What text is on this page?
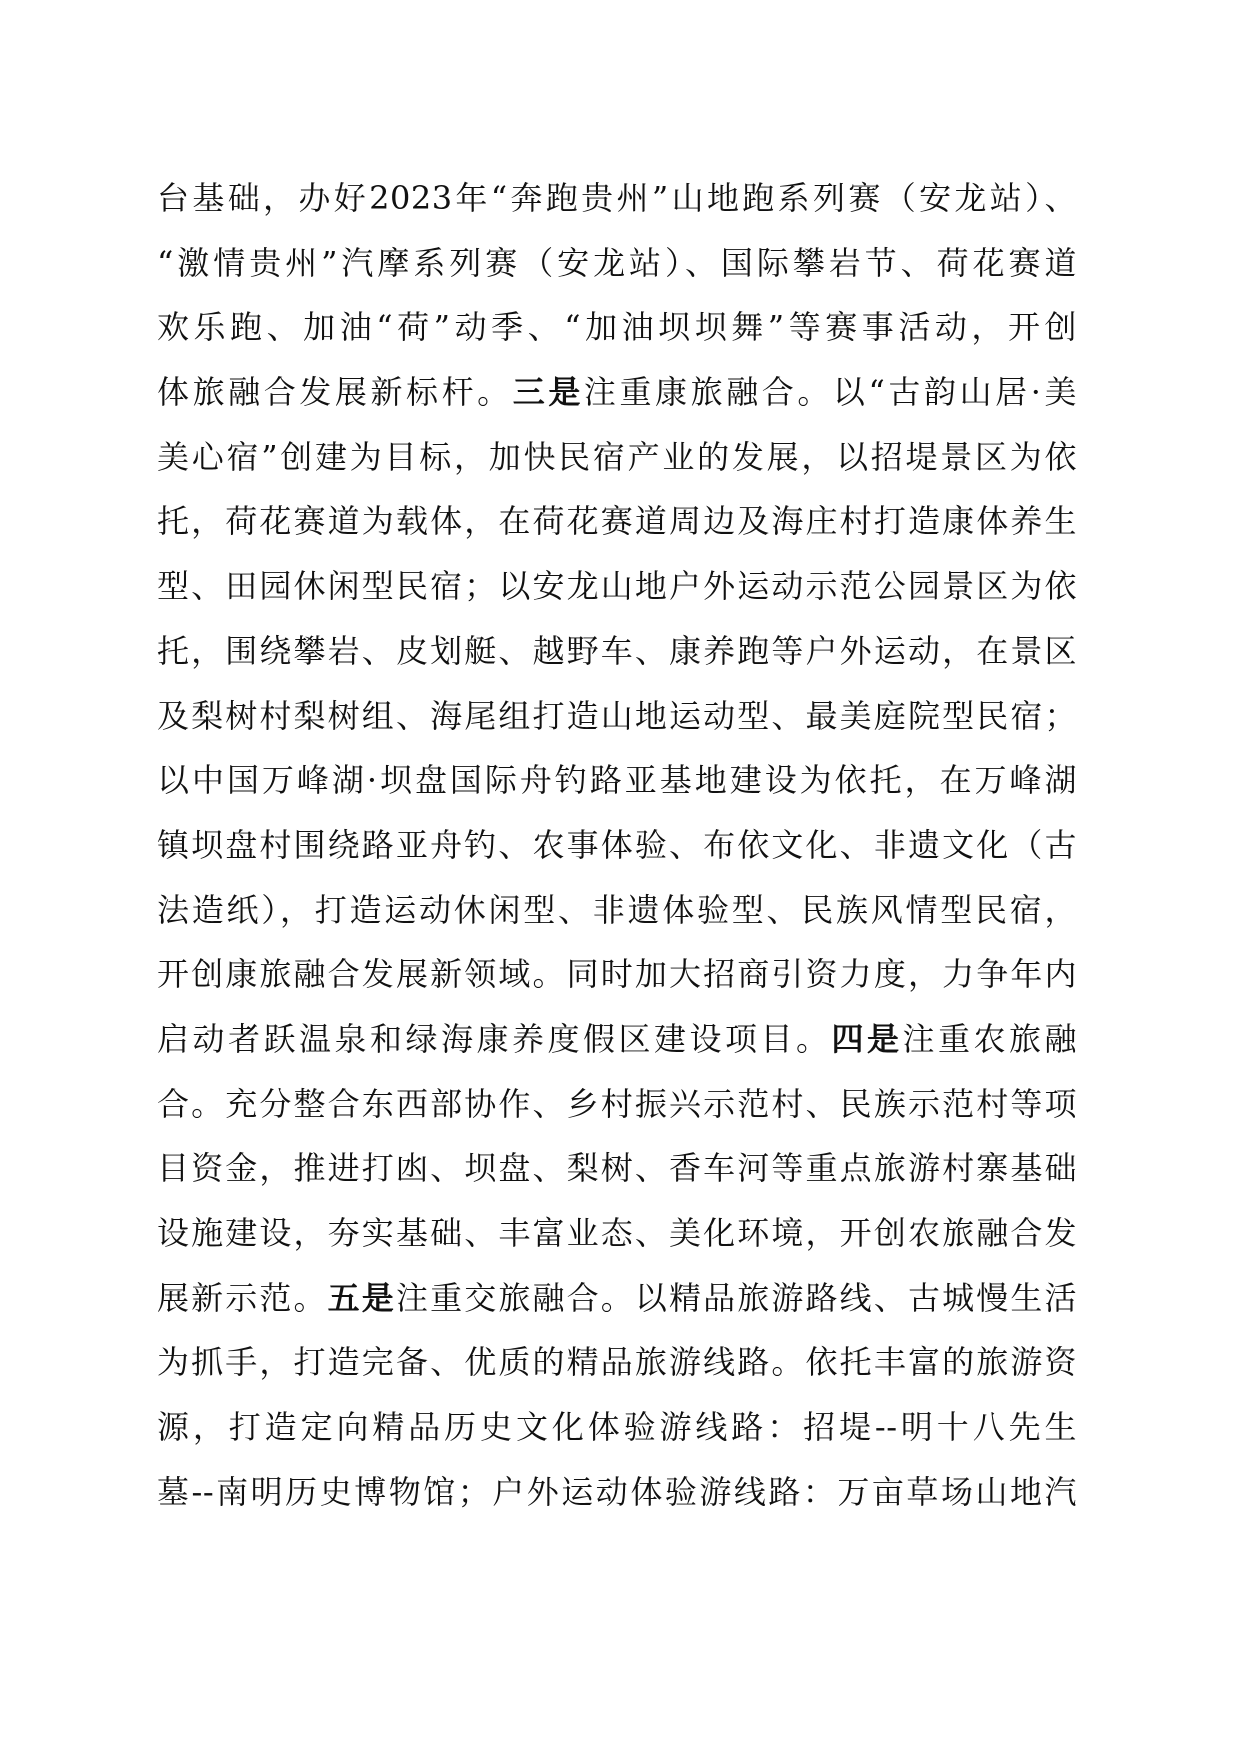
台基础，办好2023年“奔跑贵州”山地跑系列赛（安龙站）、
“激情贵州”汽摩系列赛（安龙站）、国际攀岩节、荷花赛道
欢乐跑、加油“荷”动季、“加油坝坝舞”等赛事活动，开创
体旅融合发展新标杆。三是注重康旅融合。以“古韵山居·美
美心宿”创建为目标，加快民宿产业的发展，以招堤景区为依
托，荷花赛道为载体，在荷花赛道周边及海庄村打造康体养生
型、田园休闲型民宿；以安龙山地户外运动示范公园景区为依
托，围绕攀岩、皮划艇、越野车、康养跑等户外运动，在景区
及梨树村梨树组、海尾组打造山地运动型、最美庭院型民宿；
以中国万峰湖·坝盘国际舟钓路亚基地建设为依托，在万峰湖
镇坝盘村围绕路亚舟钓、农事体验、布依文化、非遗文化（古
法造纸），打造运动休闲型、非遗体验型、民族风情型民宿，
开创康旅融合发展新领域。同时加大招商引资力度，力争年内
启动者跃温泉和绿海康养度假区建设项目。四是注重农旅融
合。充分整合东西部协作、乡村振兴示范村、民族示范村等项
目资金，推进打凼、坝盘、梨树、香车河等重点旅游村寨基础
设施建设，夯实基础、丰富业态、美化环境，开创农旅融合发
展新示范。五是注重交旅融合。以精品旅游路线、古城慢生活
为抓手，打造完备、优质的精品旅游线路。依托丰富的旅游资
源，打造定向精品历史文化体验游线路：招堤--明十八先生
墓--南明历史博物馆；户外运动体验游线路：万亩草场山地汽
